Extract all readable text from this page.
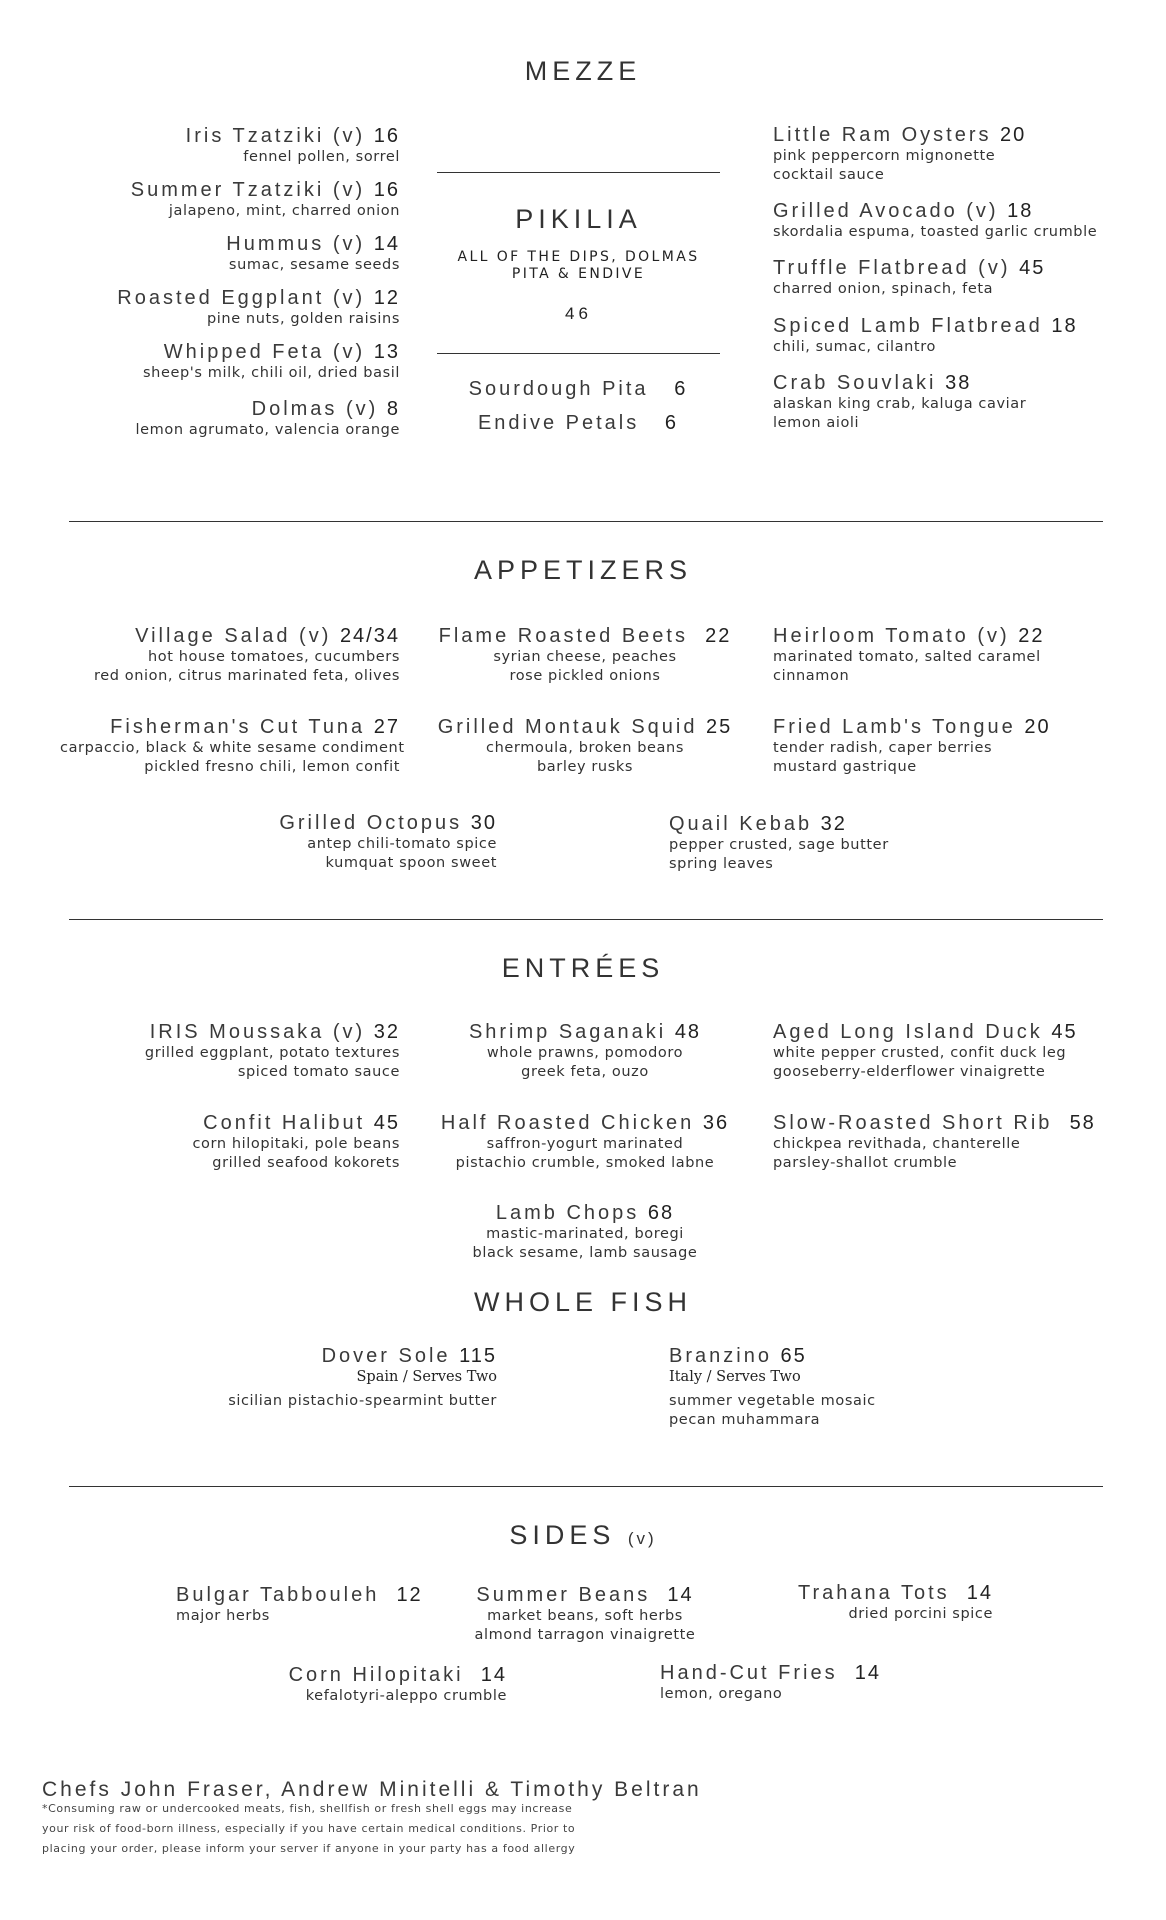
MEZZE
Iris Tzatziki (v) 16
fennel pollen, sorrel
Summer Tzatziki (v) 16
jalapeno, mint, charred onion
Hummus (v) 14
sumac, sesame seeds
Roasted Eggplant (v) 12
pine nuts, golden raisins
Whipped Feta (v) 13
sheep's milk, chili oil, dried basil
Dolmas (v) 8
lemon agrumato, valencia orange
PIKILIA
ALL OF THE DIPS, DOLMAS
PITA & ENDIVE
46
Sourdough Pita 6
Endive Petals 6
Little Ram Oysters 20
pink peppercorn mignonette
cocktail sauce
Grilled Avocado (v) 18
skordalia espuma, toasted garlic crumble
Truffle Flatbread (v) 45
charred onion, spinach, feta
Spiced Lamb Flatbread 18
chili, sumac, cilantro
Crab Souvlaki 38
alaskan king crab, kaluga caviar
lemon aioli
APPETIZERS
Village Salad (v) 24/34
hot house tomatoes, cucumbers
red onion, citrus marinated feta, olives
Flame Roasted Beets 22
syrian cheese, peaches
rose pickled onions
Heirloom Tomato (v) 22
marinated tomato, salted caramel
cinnamon
Fisherman's Cut Tuna 27
carpaccio, black & white sesame condiment
pickled fresno chili, lemon confit
Grilled Montauk Squid 25
chermoula, broken beans
barley rusks
Fried Lamb's Tongue 20
tender radish, caper berries
mustard gastrique
Grilled Octopus 30
antep chili-tomato spice
kumquat spoon sweet
Quail Kebab 32
pepper crusted, sage butter
spring leaves
ENTRÉES
IRIS Moussaka (v) 32
grilled eggplant, potato textures
spiced tomato sauce
Shrimp Saganaki 48
whole prawns, pomodoro
greek feta, ouzo
Aged Long Island Duck 45
white pepper crusted, confit duck leg
gooseberry-elderflower vinaigrette
Confit Halibut 45
corn hilopitaki, pole beans
grilled seafood kokorets
Half Roasted Chicken 36
saffron-yogurt marinated
pistachio crumble, smoked labne
Slow-Roasted Short Rib 58
chickpea revithada, chanterelle
parsley-shallot crumble
Lamb Chops 68
mastic-marinated, boregi
black sesame, lamb sausage
WHOLE FISH
Dover Sole 115
Spain / Serves Two
sicilian pistachio-spearmint butter
Branzino 65
Italy / Serves Two
summer vegetable mosaic
pecan muhammara
SIDES (v)
Bulgar Tabbouleh 12
major herbs
Summer Beans 14
market beans, soft herbs
almond tarragon vinaigrette
Trahana Tots 14
dried porcini spice
Corn Hilopitaki 14
kefalotyri-aleppo crumble
Hand-Cut Fries 14
lemon, oregano
Chefs John Fraser, Andrew Minitelli & Timothy Beltran
*Consuming raw or undercooked meats, fish, shellfish or fresh shell eggs may increase
your risk of food-born illness, especially if you have certain medical conditions. Prior to
placing your order, please inform your server if anyone in your party has a food allergy
